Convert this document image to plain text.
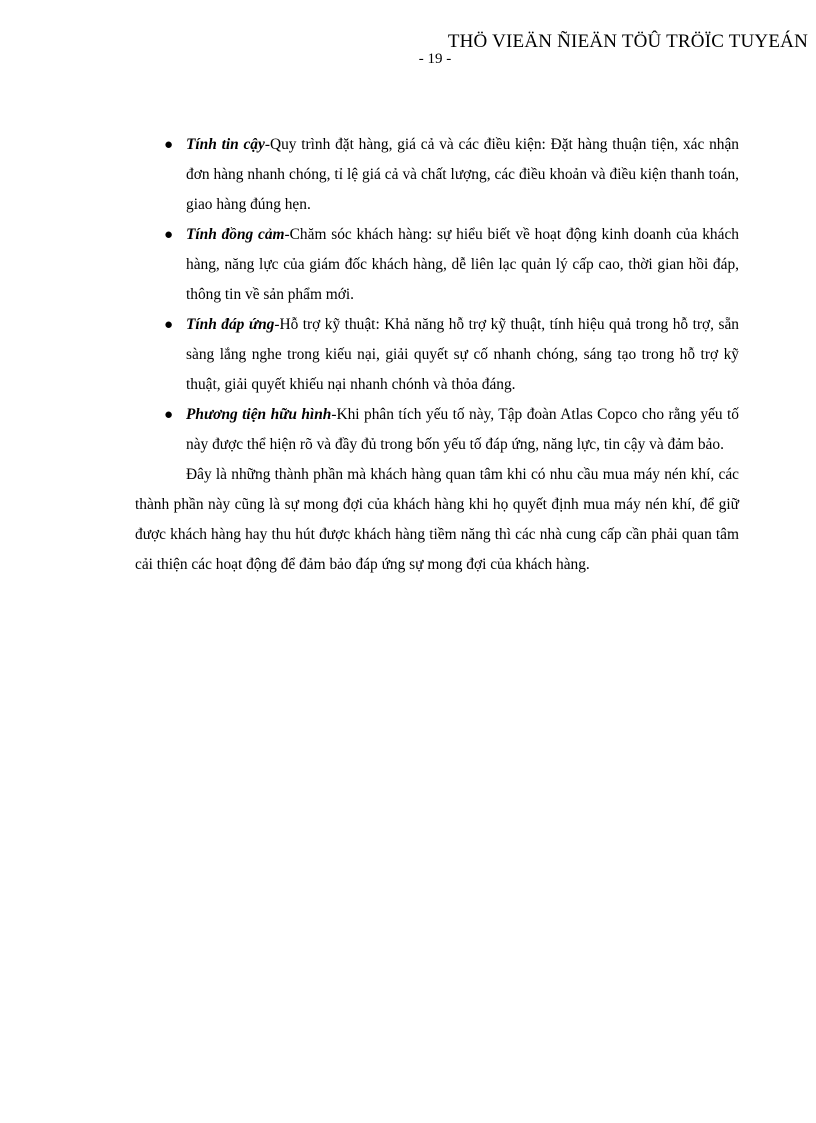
THÖ VIEÄN ÑIEÄN TÖÛ TRÖÏC TUYEÁN
- 19 -
● Tính tin cậy-Quy trình đặt hàng, giá cả và các điều kiện: Đặt hàng thuận tiện, xác nhận đơn hàng nhanh chóng, tỉ lệ giá cả và chất lượng, các điều khoản và điều kiện thanh toán, giao hàng đúng hẹn.
● Tính đồng cảm-Chăm sóc khách hàng: sự hiểu biết về hoạt động kinh doanh của khách hàng, năng lực của giám đốc khách hàng, dễ liên lạc quản lý cấp cao, thời gian hồi đáp, thông tin về sản phẩm mới.
● Tính đáp ứng-Hỗ trợ kỹ thuật: Khả năng hỗ trợ kỹ thuật, tính hiệu quả trong hỗ trợ, sẵn sàng lắng nghe trong kiếu nại, giải quyết sự cố nhanh chóng, sáng tạo trong hỗ trợ kỹ thuật, giải quyết khiếu nại nhanh chónh và thỏa đáng.
● Phương tiện hữu hình-Khi phân tích yếu tố này, Tập đoàn Atlas Copco cho rằng yếu tố này được thể hiện rõ và đầy đủ trong bốn yếu tố đáp ứng, năng lực, tin cậy và đảm bảo.

Đây là những thành phần mà khách hàng quan tâm khi có nhu cầu mua máy nén khí, các thành phần này cũng là sự mong đợi của khách hàng khi họ quyết định mua máy nén khí, để giữ được khách hàng hay thu hút được khách hàng tiềm năng thì các nhà cung cấp cần phải quan tâm cải thiện các hoạt động để đảm bảo đáp ứng sự mong đợi của khách hàng.
